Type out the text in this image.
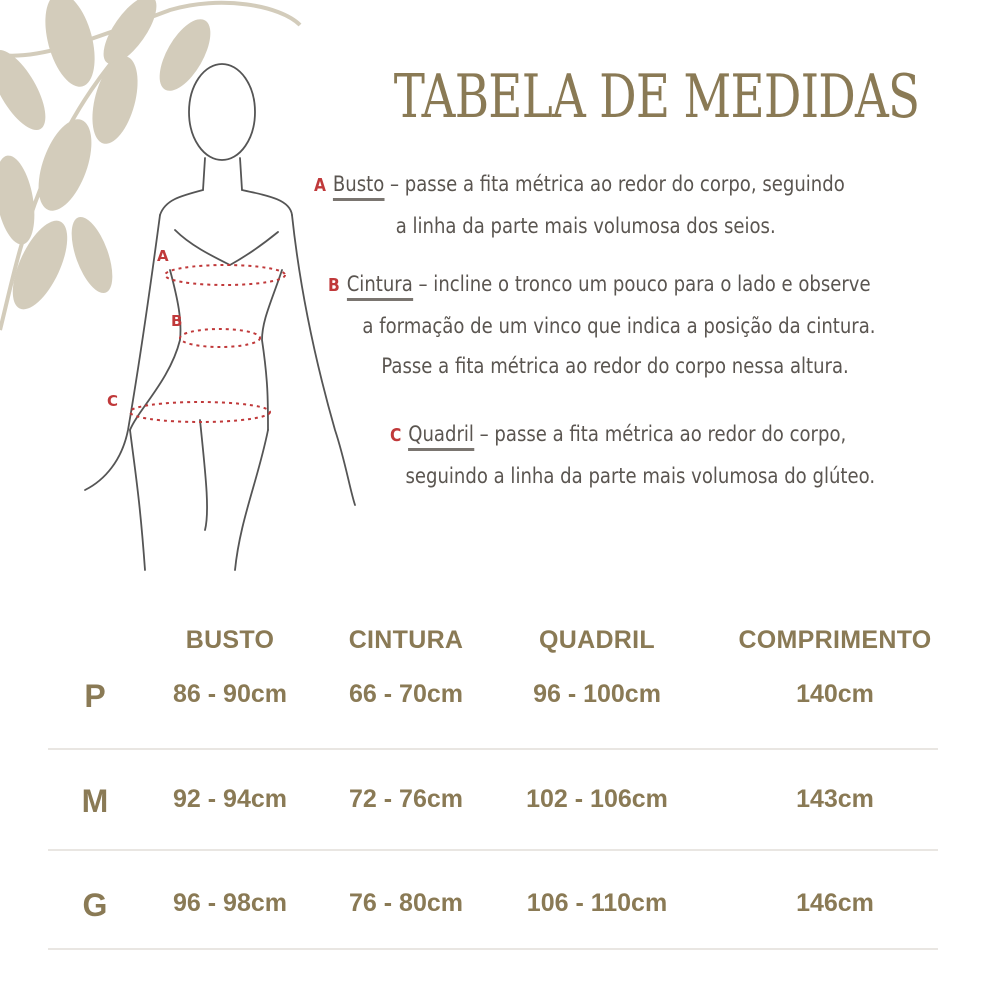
A
B
C
TABELA DE MEDIDAS
A Busto – passe a fita métrica ao redor do corpo, seguindo
a linha da parte mais volumosa dos seios.
B Cintura – incline o tronco um pouco para o lado e observe
a formação de um vinco que indica a posição da cintura.
Passe a fita métrica ao redor do corpo nessa altura.
C Quadril – passe a fita métrica ao redor do corpo,
seguindo a linha da parte mais volumosa do glúteo.
BUSTO	CINTURA	QUADRIL	COMPRIMENTO
P	86 - 90cm	66 - 70cm	96 - 100cm	140cm
M	92 - 94cm	72 - 76cm	102 - 106cm	143cm
G	96 - 98cm	76 - 80cm	106 - 110cm	146cm
